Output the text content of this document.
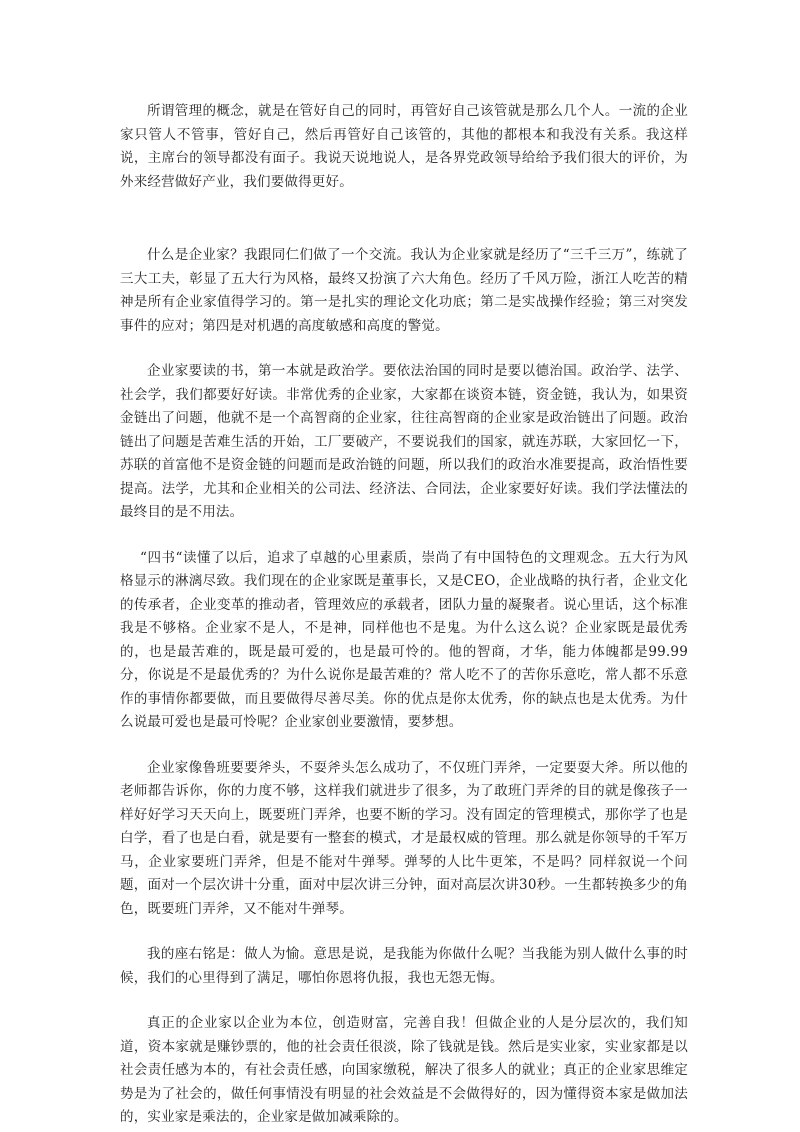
所谓管理的概念，就是在管好自己的同时，再管好自己该管就是那么几个人。一流的企业家只管人不管事，管好自己，然后再管好自己该管的，其他的都根本和我没有关系。我这样说，主席台的领导都没有面子。我说天说地说人，是各界党政领导给给予我们很大的评价，为外来经营做好产业，我们要做得更好。

什么是企业家？我跟同仁们做了一个交流。我认为企业家就是经历了“三千三万”，练就了三大工夫，彰显了五大行为风格，最终又扮演了六大角色。经历了千风万险，浙江人吃苦的精神是所有企业家值得学习的。第一是扎实的理论文化功底；第二是实战操作经验；第三对突发事件的应对；第四是对机遇的高度敏感和高度的警觉。

企业家要读的书，第一本就是政治学。要依法治国的同时是要以德治国。政治学、法学、社会学，我们都要好好读。非常优秀的企业家，大家都在谈资本链，资金链，我认为，如果资金链出了问题，他就不是一个高智商的企业家，往往高智商的企业家是政治链出了问题。政治链出了问题是苦难生活的开始，工厂要破产，不要说我们的国家，就连苏联，大家回忆一下，苏联的首富他不是资金链的问题而是政治链的问题，所以我们的政治水准要提高，政治悟性要提高。法学，尤其和企业相关的公司法、经济法、合同法，企业家要好好读。我们学法懂法的最终目的是不用法。

“四书“读懂了以后，追求了卓越的心里素质，崇尚了有中国特色的文理观念。五大行为风格显示的淋漓尽致。我们现在的企业家既是董事长，又是CEO，企业战略的执行者，企业文化的传承者，企业变革的推动者，管理效应的承载者，团队力量的凝聚者。说心里话，这个标准我是不够格。企业家不是人，不是神，同样他也不是鬼。为什么这么说？企业家既是最优秀的，也是最苦难的，既是最可爱的，也是最可怜的。他的智商，才华，能力体魄都是99.99分，你说是不是最优秀的？为什么说你是最苦难的？常人吃不了的苦你乐意吃，常人都不乐意作的事情你都要做，而且要做得尽善尽美。你的优点是你太优秀，你的缺点也是太优秀。为什么说最可爱也是最可怜呢？企业家创业要激情，要梦想。

企业家像鲁班要要斧头，不耍斧头怎么成功了，不仅班门弄斧，一定要耍大斧。所以他的老师都告诉你，你的力度不够，这样我们就进步了很多，为了敢班门弄斧的目的就是像孩子一样好好学习天天向上，既要班门弄斧，也要不断的学习。没有固定的管理模式，那你学了也是白学，看了也是白看，就是要有一整套的模式，才是最权威的管理。那么就是你领导的千军万马，企业家要班门弄斧，但是不能对牛弹琴。弹琴的人比牛更笨，不是吗？同样叙说一个问题，面对一个层次讲十分重，面对中层次讲三分钟，面对高层次讲30秒。一生都转换多少的角色，既要班门弄斧，又不能对牛弹琴。

我的座右铭是：做人为愉。意思是说，是我能为你做什么呢？当我能为别人做什么事的时候，我们的心里得到了满足，哪怕你恩将仇报，我也无怨无悔。

真正的企业家以企业为本位，创造财富，完善自我！但做企业的人是分层次的，我们知道，资本家就是赚钞票的，他的社会责任很淡，除了钱就是钱。然后是实业家，实业家都是以社会责任感为本的，有社会责任感，向国家缴税，解决了很多人的就业；真正的企业家思维定势是为了社会的，做任何事情没有明显的社会效益是不会做得好的，因为懂得资本家是做加法的，实业家是乘法的，企业家是做加减乘除的。
